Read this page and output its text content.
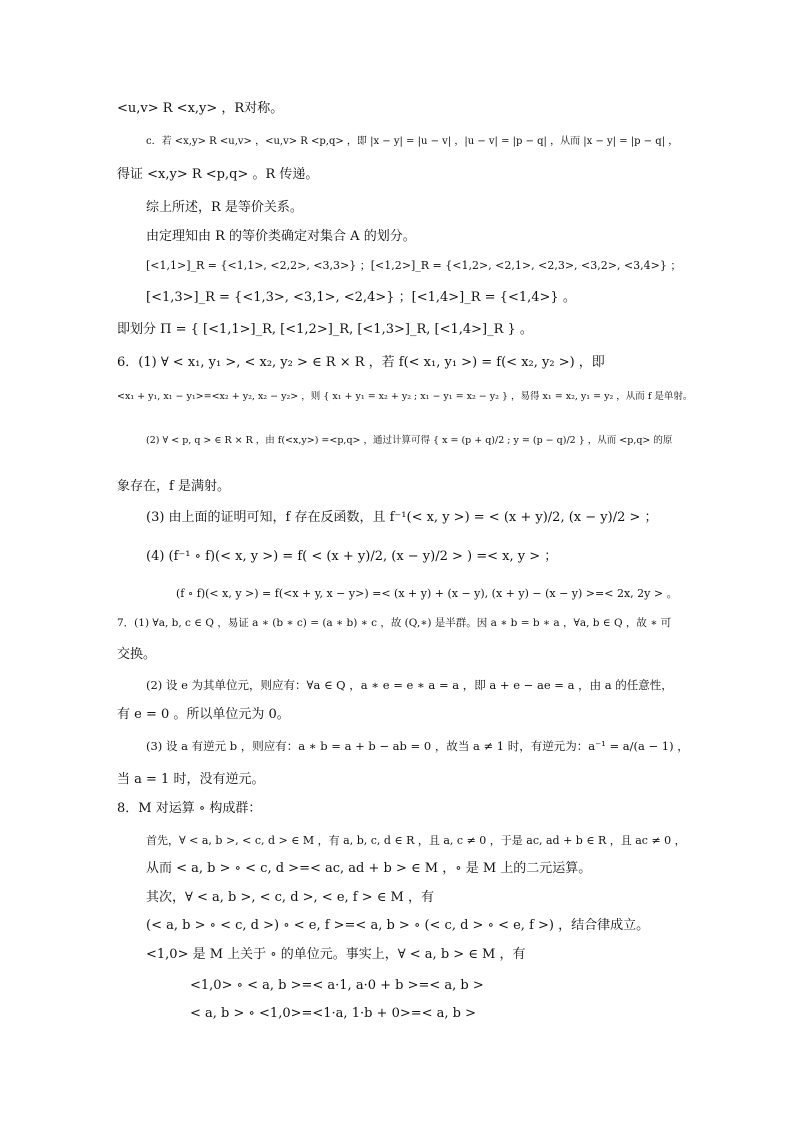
<u,v> R <x,y> ，R对称。
c．若 <x,y> R <u,v> ，<u,v> R <p,q> ，即 |x − y| = |u − v| ，|u − v| = |p − q| ，从而 |x − y| = |p − q| ，
得证 <x,y> R <p,q> 。R 传递。
综上所述，R 是等价关系。
由定理知由 R 的等价类确定对集合 A 的划分。
[<1,1>]_R = {<1,1>, <2,2>, <3,3>} ；[<1,2>]_R = {<1,2>, <2,1>, <2,3>, <3,2>, <3,4>} ；
[<1,3>]_R = {<1,3>, <3,1>, <2,4>} ；[<1,4>]_R = {<1,4>} 。
即划分 Π = { [<1,1>]_R, [<1,2>]_R, [<1,3>]_R, [<1,4>]_R } 。
6．(1) ∀ < x₁, y₁ >, < x₂, y₂ > ∈ R × R ，若 f(< x₁, y₁ >) = f(< x₂, y₂ >) ，即
<x₁ + y₁, x₁ − y₁>=<x₂ + y₂, x₂ − y₂> ，则 { x₁ + y₁ = x₂ + y₂ ; x₁ − y₁ = x₂ − y₂ } ，易得 x₁ = x₂, y₁ = y₂ ，从而 f 是单射。
(2) ∀ < p, q > ∈ R × R ，由 f(<x,y>) =<p,q> ，通过计算可得 { x = (p + q)/2 ; y = (p − q)/2 } ，从而 <p,q> 的原
象存在，f 是满射。
(3) 由上面的证明可知，f 存在反函数，且 f⁻¹(< x, y >) = < (x + y)/2, (x − y)/2 > ；
(4) (f⁻¹ ∘ f)(< x, y >) = f( < (x + y)/2, (x − y)/2 > ) =< x, y > ；
(f ∘ f)(< x, y >) = f(<x + y, x − y>) =< (x + y) + (x − y), (x + y) − (x − y) >=< 2x, 2y > 。
7．(1) ∀a, b, c ∈ Q ，易证 a ∗ (b ∗ c) = (a ∗ b) ∗ c ，故 (Q,∗) 是半群。因 a ∗ b = b ∗ a ，∀a, b ∈ Q ，故 ∗ 可
交换。
(2) 设 e 为其单位元，则应有：∀a ∈ Q ，a ∗ e = e ∗ a = a ，即 a + e − ae = a ，由 a 的任意性，
有 e = 0 。所以单位元为 0。
(3) 设 a 有逆元 b ，则应有：a ∗ b = a + b − ab = 0 ，故当 a ≠ 1 时，有逆元为：a⁻¹ = a/(a − 1) ，
当 a = 1 时，没有逆元。
8．M 对运算 ∘ 构成群：
首先，∀ < a, b >, < c, d > ∈ M ，有 a, b, c, d ∈ R ，且 a, c ≠ 0 ，于是 ac, ad + b ∈ R ，且 ac ≠ 0 ，
从而 < a, b > ∘ < c, d >=< ac, ad + b > ∈ M ，∘ 是 M 上的二元运算。
其次，∀ < a, b >, < c, d >, < e, f > ∈ M ，有
(< a, b > ∘ < c, d >) ∘ < e, f >=< a, b > ∘ (< c, d > ∘ < e, f >) ，结合律成立。
<1,0> 是 M 上关于 ∘ 的单位元。事实上，∀ < a, b > ∈ M ，有
<1,0> ∘ < a, b >=< a·1, a·0 + b >=< a, b >
< a, b > ∘ <1,0>=<1·a, 1·b + 0>=< a, b >
